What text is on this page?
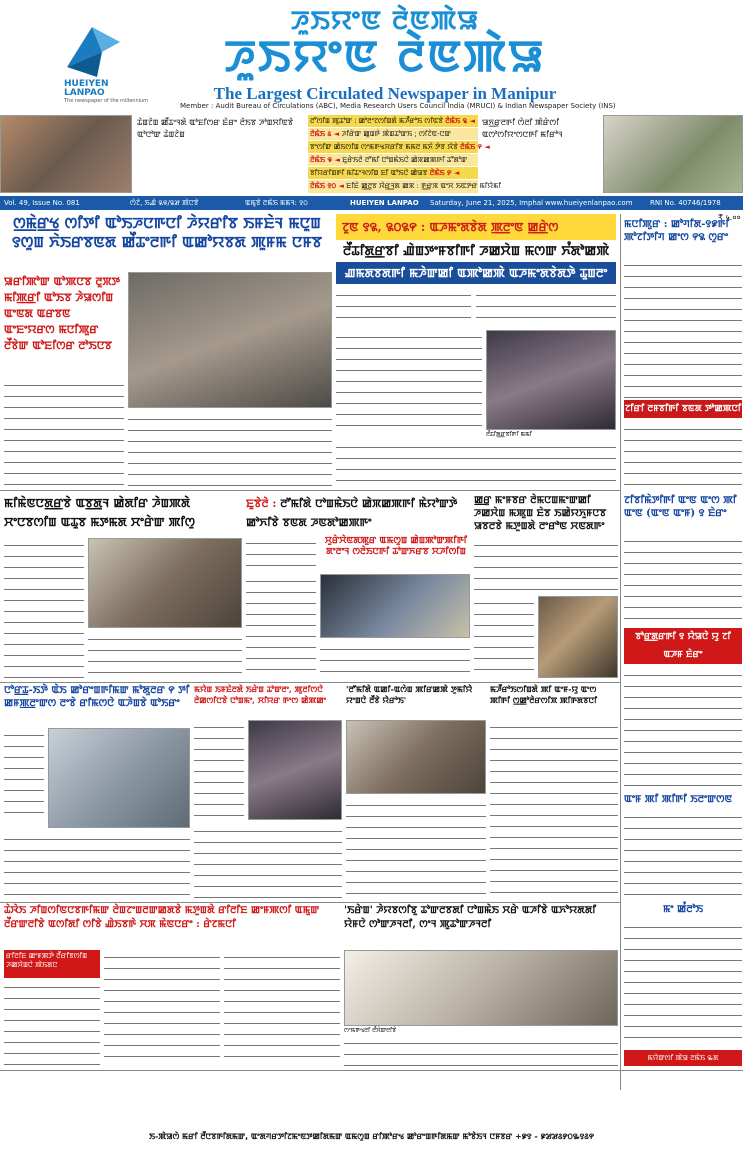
HUEIYEN
LANPAO
The newspaper of the millennium
ꯍꯨꯏꯌꯦꯟ ꯂꯥꯟꯄꯥꯎ
ꯍꯨꯏꯌꯦꯟ ꯂꯥꯟꯄꯥꯎ
The Largest Circulated Newspaper in Manipur
Member : Audit Bureau of Circulations (ABC), Media Research Users Council India (MRUCI) & Indian Newspaper Society (INS)
ꯊꯥꯡꯖꯥꯡ ꯀꯩꯊꯦꯜꯗꯥ ꯑꯣꯐꯤꯁꯔ ꯐꯥꯔꯦ ꯂꯥꯏꯕ ꯍꯣꯡꯆꯤꯟꯕꯥ ꯑꯣꯅꯣꯛ ꯊꯥꯡꯖꯥꯡ
ꯂꯧꯁꯤꯡ ꯄꯨꯊꯣꯛ : ꯀꯣꯂꯦꯖꯁꯤꯡꯗꯥ ꯃꯍꯩꯔꯣꯏ ꯁꯤꯟꯕꯥ ꯂꯥꯃꯥꯏ ꯲ ◄
ꯂꯥꯃꯥꯏ ꯴ ◄ ꯍꯤꯔꯥꯛ ꯀꯨꯡꯒꯥ ꯄꯥꯡꯊꯣꯛꯏ ; ꯁꯤꯖꯥꯟ-ꯅꯛ
ꯕꯦꯁꯤꯛ ꯀꯥꯏꯁꯤꯡ ꯁꯦꯃꯒꯠꯆꯔꯤꯕ ꯃꯃꯂ ꯃꯈꯥ ꯇꯥꯕ ꯋꯥꯕꯥ ꯂꯥꯃꯥꯏ ꯵ ◄
ꯂꯥꯃꯥꯏ ꯶ ◄ ꯐꯨꯔꯥꯏꯂꯥ ꯂꯧꯃꯤ ꯅꯣꯡꯃꯥꯏꯅꯥ ꯀꯥꯞꯀꯄꯒꯤ ꯊꯧꯗꯣꯛ
ꯕꯤꯌꯔꯤꯡꯒꯤ ꯃꯤꯊꯦꯜꯁꯤꯡ ꯐꯤ ꯑꯣꯏꯅꯥ ꯀꯥꯎꯕ ꯂꯥꯃꯥꯏ ꯸ ◄
ꯂꯥꯃꯥꯏ ꯱꯰ ◄ ꯐꯤꯐꯥ ꯀ꯭ꯂꯕ ꯋꯥꯔ꯭ꯜꯗ ꯀꯞ : ꯒ꯭ꯔꯨꯞ ꯑꯦꯆ ꯏꯟꯇꯔ ꯃꯤꯌꯥꯃꯤ
ꯎꯈ꯭ꯔꯨꯂꯒꯤ ꯁꯥꯂꯤ ꯄꯥꯔꯥꯁꯤ ꯑꯁꯣꯁꯤꯌꯦꯁꯅꯒꯤ ꯃꯤꯔꯣꯜ
Vol. 49, Issue No. 081	ꯁꯥꯖꯥ, ꯏꯉꯥ ꯲꯶/꯲꯷ ꯄꯥꯅꯕꯥ	ꯑꯃꯨꯕꯥ ꯂꯃꯥꯏ ꯃꯃꯜ: ꯱꯰	HUEIYEN LANPAO Saturday, June 21, 2025, Imphal www.hueiyenlanpao.com RNI No. 40746/1978
₹ ५.००
ꯁ꯭ꯃꯥꯔ꯭ꯠ ꯁꯤꯇꯤ ꯑꯣꯏꯍꯅꯒꯅꯤ ꯍꯥꯌꯔꯤꯕ ꯏꯝꯐꯥꯜ ꯃꯅꯨꯡ ꯱ꯁꯨꯡ ꯈꯥꯏꯔꯕꯟꯗ ꯀꯩꯊꯦꯂꯒꯤ ꯑꯀꯣꯌꯕꯗ ꯄꯨꯝꯃ ꯅꯝꯕ
ꯎꯔꯤꯄꯣꯛ ꯑꯣꯄꯅꯕ ꯂꯨꯞꯇ ꯃꯤꯄ꯭ꯔꯤ ꯑꯣꯏꯕ ꯍꯥꯎꯁꯤꯡ ꯑꯦꯟꯗ ꯑꯔꯕꯟ ꯑꯦꯐꯦꯌꯔꯁ ꯃꯅꯤꯄꯨꯔ ꯂꯩꯕꯥꯛ ꯑꯣꯐꯤꯁꯔ ꯂꯣꯏꯅꯕ
ꯖꯨꯟ ꯱꯲, ꯲꯰꯲꯵ : ꯑꯍꯃꯦꯗꯕꯥꯗ ꯄ꯭ꯂꯦꯟ ꯀ꯭ꯔꯥꯁ
ꯂꯩꯊꯤꯗ꯭ꯔꯕꯤ ꯉꯥꯡꯇꯦꯝꯕꯤꯒꯤ ꯍꯀꯆꯥꯡ ꯃꯁꯛ ꯈꯪꯗꯣꯀꯄꯥ
ꯉꯃꯗꯕꯗꯒꯤ ꯃꯍꯥꯛꯀꯤ ꯑꯄꯣꯀꯄꯥ ꯑꯍꯃꯦꯗꯕꯥꯗꯇꯥ ꯊꯨꯡꯂꯦ
ꯂꯩꯊꯤꯗ꯭ꯔꯕꯤꯒꯤ ꯃꯃꯤ
ꯃꯅꯤꯄꯨꯔ : ꯀꯣꯚꯤꯗ-꯱꯹ꯒꯤ ꯄꯣꯖꯤꯇꯤꯚ ꯀꯦꯁ ꯵꯲ ꯁꯨꯔꯦ
ꯖꯤꯔꯤ ꯂꯝꯕꯤꯒꯤ ꯕꯟꯗ ꯇꯣꯀꯄꯅꯤ
ꯖꯤꯕꯤꯃꯥꯇꯤꯒꯤ ꯑꯦꯟ ꯑꯦꯁ ꯄꯤ ꯑꯦꯟ (ꯑꯦꯟ ꯑꯦꯝ) ꯱ ꯐꯥꯔꯦ
ꯕꯣꯔ꯭ꯗꯔꯒꯤ ꯱ ꯌꯥꯎꯅꯥ ꯌꯨ ꯖꯤ ꯑꯍꯝ ꯐꯥꯔꯦ
ꯑꯦꯝ ꯄꯤ ꯄꯤꯒꯤ ꯏꯂꯦꯛꯁꯟ
ꯃꯦ ꯀꯪꯂꯣꯏ
ꯃꯌꯥꯛꯁꯤ ꯄꯥꯎ ꯂꯃꯥꯏ ꯳ꯗ
ꯃꯤꯃꯥꯟꯅꯗ꯭ꯔꯕꯥ ꯑꯕ꯭ꯗꯨꯜ ꯀꯥꯗꯤꯔ ꯍꯥꯡꯄꯗꯥ ꯆꯦꯅꯕꯁꯤꯡ ꯑꯊꯨꯕ ꯃꯇꯃꯗ ꯆꯦꯔꯥꯛ ꯄꯤꯁꯨ
ꯐꯨꯕꯥꯂꯥ : ꯂꯧꯃꯤꯗꯥ ꯅꯣꯡꯃꯥꯏꯅꯥ ꯀꯥꯞꯀꯄꯒꯤ ꯃꯥꯌꯣꯛꯇꯥ ꯀꯣꯈꯤꯕꯥ ꯕꯟꯗ ꯍꯟꯗꯣꯀꯄꯒꯦ
ꯆꯨꯔꯥꯆꯥꯟꯗꯄꯨꯔ ꯑꯃꯁꯨꯡ ꯀꯥꯡꯄꯣꯛꯄꯤꯒꯤ ꯗꯦꯂꯦꯜ ꯁꯂꯥꯏꯅꯒꯤ ꯊꯣꯛꯈꯔꯕ ꯆꯍꯤꯁꯤꯡ
ꯀ꯭ꯔꯨ ꯃꯦꯝꯕꯔ ꯂꯥꯃꯅꯡꯃꯦꯛꯀꯤ ꯍꯀꯆꯥꯡ ꯃꯄꯨꯡ ꯐꯥꯕ ꯏꯀꯥꯌꯈꯨꯝꯅꯕ ꯎꯕꯂꯕꯥ ꯃꯇꯨꯡꯗꯥ ꯂꯦꯔꯣꯟ ꯆꯟꯗꯒꯦ
ꯅꯣꯔ꯭ꯊ-ꯏꯇꯥ ꯑꯥꯏ ꯀꯣꯔꯦꯡꯒꯤꯃꯛ ꯃꯣꯗꯨꯂꯔ ꯵ ꯇꯤ ꯀꯝꯄ꯭ꯂꯦꯛꯁ ꯂꯦꯕꯥ ꯔꯤꯃꯁꯅꯥ ꯑꯍꯥꯡꯕꯥ ꯑꯣꯏꯔꯦ
ꯃꯌꯥꯡ ꯏꯝꯐꯥꯂꯗꯥ ꯏꯔꯥꯡ ꯊꯣꯛꯂꯦ, ꯄꯨꯂꯤꯁꯅꯥ ꯂꯥꯀꯁꯤꯅꯕꯥ ꯅꯣꯡꯃꯦ, ꯆꯤꯌꯔ ꯒꯦꯁ ꯀꯥꯄꯀꯦ
'ꯂꯧꯃꯤꯗꯥ ꯑꯀꯤ-ꯑꯁꯥꯡ ꯄꯤꯔꯀꯄꯥ ꯇꯨꯃꯤꯌꯥ ꯌꯦꯡꯅꯥ ꯂꯩꯕꯥ ꯌꯥꯔꯣꯏ'
ꯃꯍꯩꯔꯣꯏꯁꯤꯡꯗꯥ ꯄꯤ ꯑꯦꯝ-ꯌꯨ ꯑꯦꯁ ꯄꯤꯒꯤ ꯁ꯭ꯀꯣꯂꯥꯔꯁꯤꯞ ꯄꯤꯒꯗꯕꯅꯤ
ꯊꯥꯋꯥꯏ ꯍꯤꯡꯁꯤꯟꯅꯕꯒꯤꯃꯛ ꯂꯥꯡꯖꯦꯡꯂꯛꯀꯗꯕꯥ ꯃꯇꯨꯡꯗꯥ ꯔꯤꯂꯤꯐ ꯀꯦꯝꯄꯁꯤ ꯑꯃꯨꯛ ꯂꯩꯔꯛꯂꯤꯕꯥ ꯑꯁꯤꯗꯤ ꯁꯤꯕꯥ ꯉꯥꯏꯕꯒꯥ ꯆꯞ ꯃꯥꯟꯅꯔꯦ : ꯔꯥꯖꯃꯅꯤ
ꯔꯤꯂꯤꯐ ꯀꯦꯝꯄꯇꯥ ꯂꯩꯔꯤꯕꯁꯤꯡ ꯍꯀꯆꯥꯡꯅꯥ ꯄꯥꯏꯗꯅ
'ꯏꯔꯥꯡ' ꯍꯥꯌꯕꯁꯤꯕꯨ ꯊꯣꯛꯂꯕꯗꯤ ꯅꯣꯡꯃꯥꯏ ꯆꯔꯥ ꯑꯍꯤꯕꯥ ꯑꯈꯣꯌꯗꯗꯤ ꯌꯥꯝꯅꯥ ꯁꯣꯛꯍꯜꯂꯤ, ꯁꯦꯜ ꯄꯨꯊꯣꯛꯍꯜꯂꯤ
ꯁꯦꯃꯒꯠꯂꯤ ꯂꯩꯆꯥꯛꯂꯤꯕꯥ
ꯏ-ꯄꯥꯎꯁꯥ ꯃꯔꯤ ꯂꯩꯅꯕꯒꯤꯗꯃꯛ, ꯑꯦꯗꯚꯔꯇꯤꯖꯃꯦꯟꯇꯀꯤꯗꯃꯛ ꯑꯃꯁꯨꯡ ꯔꯤꯄꯣꯔꯠ ꯀꯣꯔꯦꯡꯒꯤꯗꯃꯛ ꯃꯣꯕꯥꯏꯜ ꯅꯝꯕꯔ +꯹꯱ - ꯹꯷꯷꯴꯸꯰꯳꯱꯴꯵
